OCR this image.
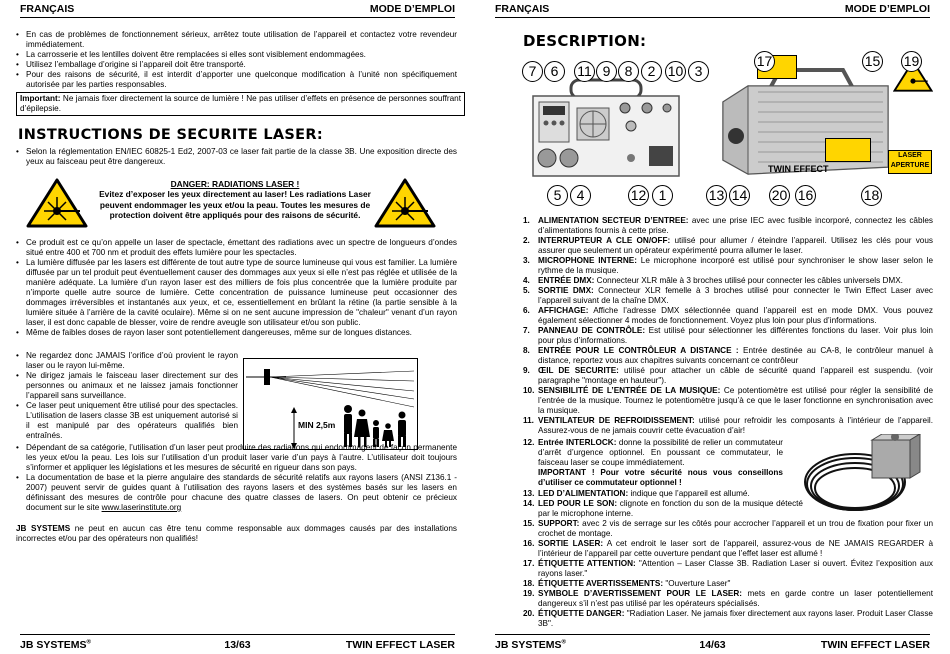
FRANÇAIS	MODE D’EMPLOI
• En cas de problèmes de fonctionnement sérieux, arrêtez toute utilisation de l’appareil et contactez votre revendeur immédiatement.
• La carrosserie et les lentilles doivent être remplacées si elles sont visiblement endommagées.
• Utilisez l’emballage d’origine si l’appareil doit être transporté.
• Pour des raisons de sécurité, il est interdit d’apporter une quelconque modification à l’unité non spécifiquement autorisée par les parties responsables.
Important: Ne jamais fixer directement la source de lumière ! Ne pas utiliser d’effets en présence de personnes souffrant d’épilepsie.
INSTRUCTIONS DE SECURITE LASER:
• Selon la réglementation EN/IEC 60825-1 Ed2, 2007-03 ce laser fait partie de la classe 3B. Une exposition directe des yeux au faisceau peut être dangereux.
DANGER: RADIATIONS LASER !
Evitez d’exposer les yeux directement au laser! Les radiations Laser peuvent endommager les yeux et/ou la peau. Toutes les mesures de protection doivent être appliqués pour des raisons de sécurité.
• Ce produit est ce qu’on appelle un laser de spectacle, émettant des radiations avec un spectre de longueurs d’ondes situé entre 400 et 700 nm et produit des effets lumière pour les spectacles.
• La lumière diffusée par les lasers est différente de tout autre type de source lumineuse qui vous est familier. La lumière diffusée par un tel produit peut éventuellement causer des dommages aux yeux si elle n’est pas réglée et utilisée de la manière adéquate. La lumière d’un rayon laser est des milliers de fois plus concentrée que la lumière produite par n’importe quelle autre source de lumière. Cette concentration de puissance lumineuse peut occasionner des dommages irréversibles et instantanés aux yeux, et ce, essentiellement en brûlant la rétine (la partie sensible à la lumière située à l’arrière de la cavité oculaire). Même si on ne sent aucune impression de "chaleur" venant d’un rayon laser, il est donc capable de blesser, voire de rendre aveugle son utilisateur et/ou son public.
• Même de faibles doses de rayon laser sont potentiellement dangereuses, même sur de longues distances.
• Ne regardez donc JAMAIS l’orifice d’où provient le rayon laser ou le rayon lui-même.
• Ne dirigez jamais le faisceau laser directement sur des personnes ou animaux et ne laissez jamais fonctionner l’appareil sans surveillance.
• Ce laser peut uniquement être utilisé pour des spectacles. L’utilisation de lasers classe 3B est uniquement autorisé si il est manipulé par des opérateurs qualifiés bien entraînés.
MIN 2,5m
• Dépendant de sa catégorie, l’utilisation d’un laser peut produire des radiations qui endommagent de façon permanente les yeux et/ou la peau. Les lois sur l’utilisation d’un produit laser varie d’un pays à l’autre. L’utilisateur doit toujours s’informer et appliquer les législations et les mesures de sécurité en rigueur dans son pays.
• La documentation de base et la pierre angulaire des standards de sécurité relatifs aux rayons lasers (ANSI Z136.1 - 2007) peuvent servir de guides quant à l’utilisation des rayons lasers et des systèmes basés sur les lasers en définissant des mesures de contrôle pour chacune des quatre classes de lasers. On peut obtenir ce précieux document sur le site www.laserinstitute.org
JB SYSTEMS ne peut en aucun cas être tenu comme responsable aux dommages causés par des installations incorrectes et/ou par des opérateurs non qualifiés!
JB SYSTEMS®	13/63	TWIN EFFECT LASER
FRANÇAIS	MODE D’EMPLOI
DESCRIPTION:
TWIN EFFECT
LASER APERTURE
7	6	11 9	8	2 10 3
5	4	12 1
17	15 19
13 14 20 16	18
1. ALIMENTATION SECTEUR D’ENTREE: avec une prise IEC avec fusible incorporé, connectez les câbles d’alimentations fournis à cette prise.
2. INTERRUPTEUR A CLE ON/OFF: utilisé pour allumer / éteindre l’appareil. Utilisez les clés pour vous assurer que seulement un opérateur expérimenté pourra allumer le laser.
3. MICROPHONE INTERNE: Le microphone incorporé est utilisé pour synchroniser le show laser selon le rythme de la musique.
4. ENTRÉE DMX: Connecteur XLR mâle à 3 broches utilisé pour connecter les câbles universels DMX.
5. SORTIE DMX: Connecteur XLR femelle à 3 broches utilisé pour connecter le Twin Effect Laser avec l’appareil suivant de la chaîne DMX.
6. AFFICHAGE: Affiche l’adresse DMX sélectionnée quand l’appareil est en mode DMX. Vous pouvez également sélectionner 4 modes de fonctionnement. Voyez plus loin pour plus d’informations.
7. PANNEAU DE CONTRÔLE: Est utilisé pour sélectionner les différentes fonctions du laser. Voir plus loin pour plus d’informations.
8. ENTRÉE POUR LE CONTRÔLEUR A DISTANCE : Entrée destinée au CA-8, le contrôleur manuel à distance, reportez vous aux chapitres suivants concernant ce contrôleur
9. ŒIL DE SECURITE: utilisé pour attacher un câble de sécurité quand l’appareil est suspendu. (voir paragraphe "montage en hauteur").
10. SENSIBILITÉ DE L’ENTRÉE DE LA MUSIQUE: Ce potentiomètre est utilisé pour régler la sensibilité de l’entrée de la musique. Tournez le potentiomètre jusqu’à ce que le laser fonctionne en synchronisation avec la musique.
11. VENTILATEUR DE REFROIDISSEMENT: utilisé pour refroidir les composants à l’intérieur de l’appareil. Assurez-vous de ne jamais couvrir cette évacuation d’air!
12. Entrée INTERLOCK: donne la possibilité de relier un commutateur d’arrêt d’urgence optionnel. En poussant ce commutateur, le faisceau laser se coupe immédiatement.
IMPORTANT ! Pour votre sécurité nous vous conseillons d’utiliser ce commutateur optionnel !
13. LED D’ALIMENTATION: indique que l’appareil est allumé.
14. LED POUR LE SON: clignote en fonction du son de la musique détecté par le microphone interne.
15. SUPPORT: avec 2 vis de serrage sur les côtés pour accrocher l’appareil et un trou de fixation pour fixer un crochet de montage.
16. SORTIE LASER: A cet endroit le laser sort de l’appareil, assurez-vous de NE JAMAIS REGARDER à l’intérieur de l’appareil par cette ouverture pendant que l’effet laser est allumé !
17. ÉTIQUETTE ATTENTION: "Attention – Laser Classe 3B. Radiation Laser si ouvert. Évitez l’exposition aux rayons laser."
18. ÉTIQUETTE AVERTISSEMENTS: "Ouverture Laser"
19. SYMBOLE D’AVERTISSEMENT POUR LE LASER: mets en garde contre un laser potentiellement dangereux s’il n’est pas utilisé par les opérateurs spécialisés.
20. ÉTIQUETTE DANGER: "Radiation Laser. Ne jamais fixer directement aux rayons laser. Produit Laser Classe 3B".
JB SYSTEMS®	14/63	TWIN EFFECT LASER
